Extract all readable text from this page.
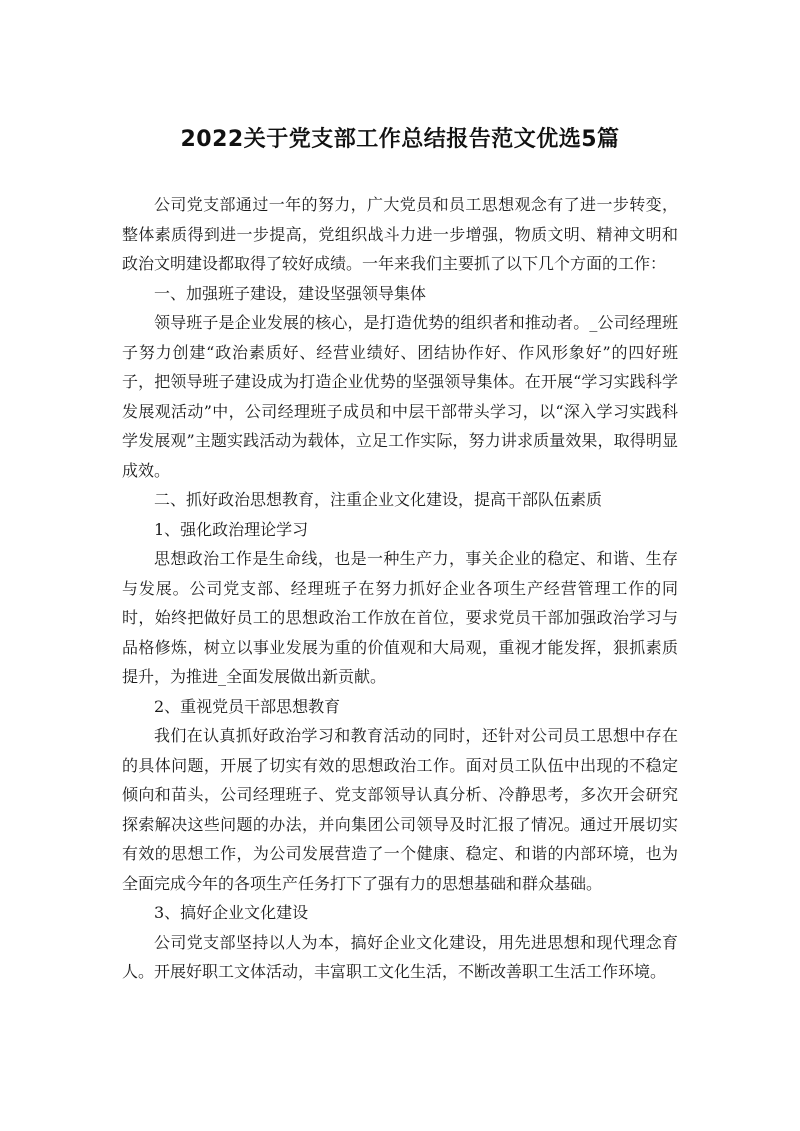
2022关于党支部工作总结报告范文优选5篇

公司党支部通过一年的努力，广大党员和员工思想观念有了进一步转变，整体素质得到进一步提高，党组织战斗力进一步增强，物质文明、精神文明和政治文明建设都取得了较好成绩。一年来我们主要抓了以下几个方面的工作：

一、加强班子建设，建设坚强领导集体

领导班子是企业发展的核心，是打造优势的组织者和推动者。_公司经理班子努力创建“政治素质好、经营业绩好、团结协作好、作风形象好”的四好班子，把领导班子建设成为打造企业优势的坚强领导集体。在开展“学习实践科学发展观活动”中，公司经理班子成员和中层干部带头学习，以“深入学习实践科学发展观”主题实践活动为载体，立足工作实际，努力讲求质量效果，取得明显成效。

二、抓好政治思想教育，注重企业文化建设，提高干部队伍素质

1、强化政治理论学习

思想政治工作是生命线，也是一种生产力，事关企业的稳定、和谐、生存与发展。公司党支部、经理班子在努力抓好企业各项生产经营管理工作的同时，始终把做好员工的思想政治工作放在首位，要求党员干部加强政治学习与品格修炼，树立以事业发展为重的价值观和大局观，重视才能发挥，狠抓素质提升，为推进_全面发展做出新贡献。

2、重视党员干部思想教育

我们在认真抓好政治学习和教育活动的同时，还针对公司员工思想中存在的具体问题，开展了切实有效的思想政治工作。面对员工队伍中出现的不稳定倾向和苗头，公司经理班子、党支部领导认真分析、冷静思考，多次开会研究探索解决这些问题的办法，并向集团公司领导及时汇报了情况。通过开展切实有效的思想工作，为公司发展营造了一个健康、稳定、和谐的内部环境，也为全面完成今年的各项生产任务打下了强有力的思想基础和群众基础。

3、搞好企业文化建设

公司党支部坚持以人为本，搞好企业文化建设，用先进思想和现代理念育人。开展好职工文体活动，丰富职工文化生活，不断改善职工生活工作环境。
